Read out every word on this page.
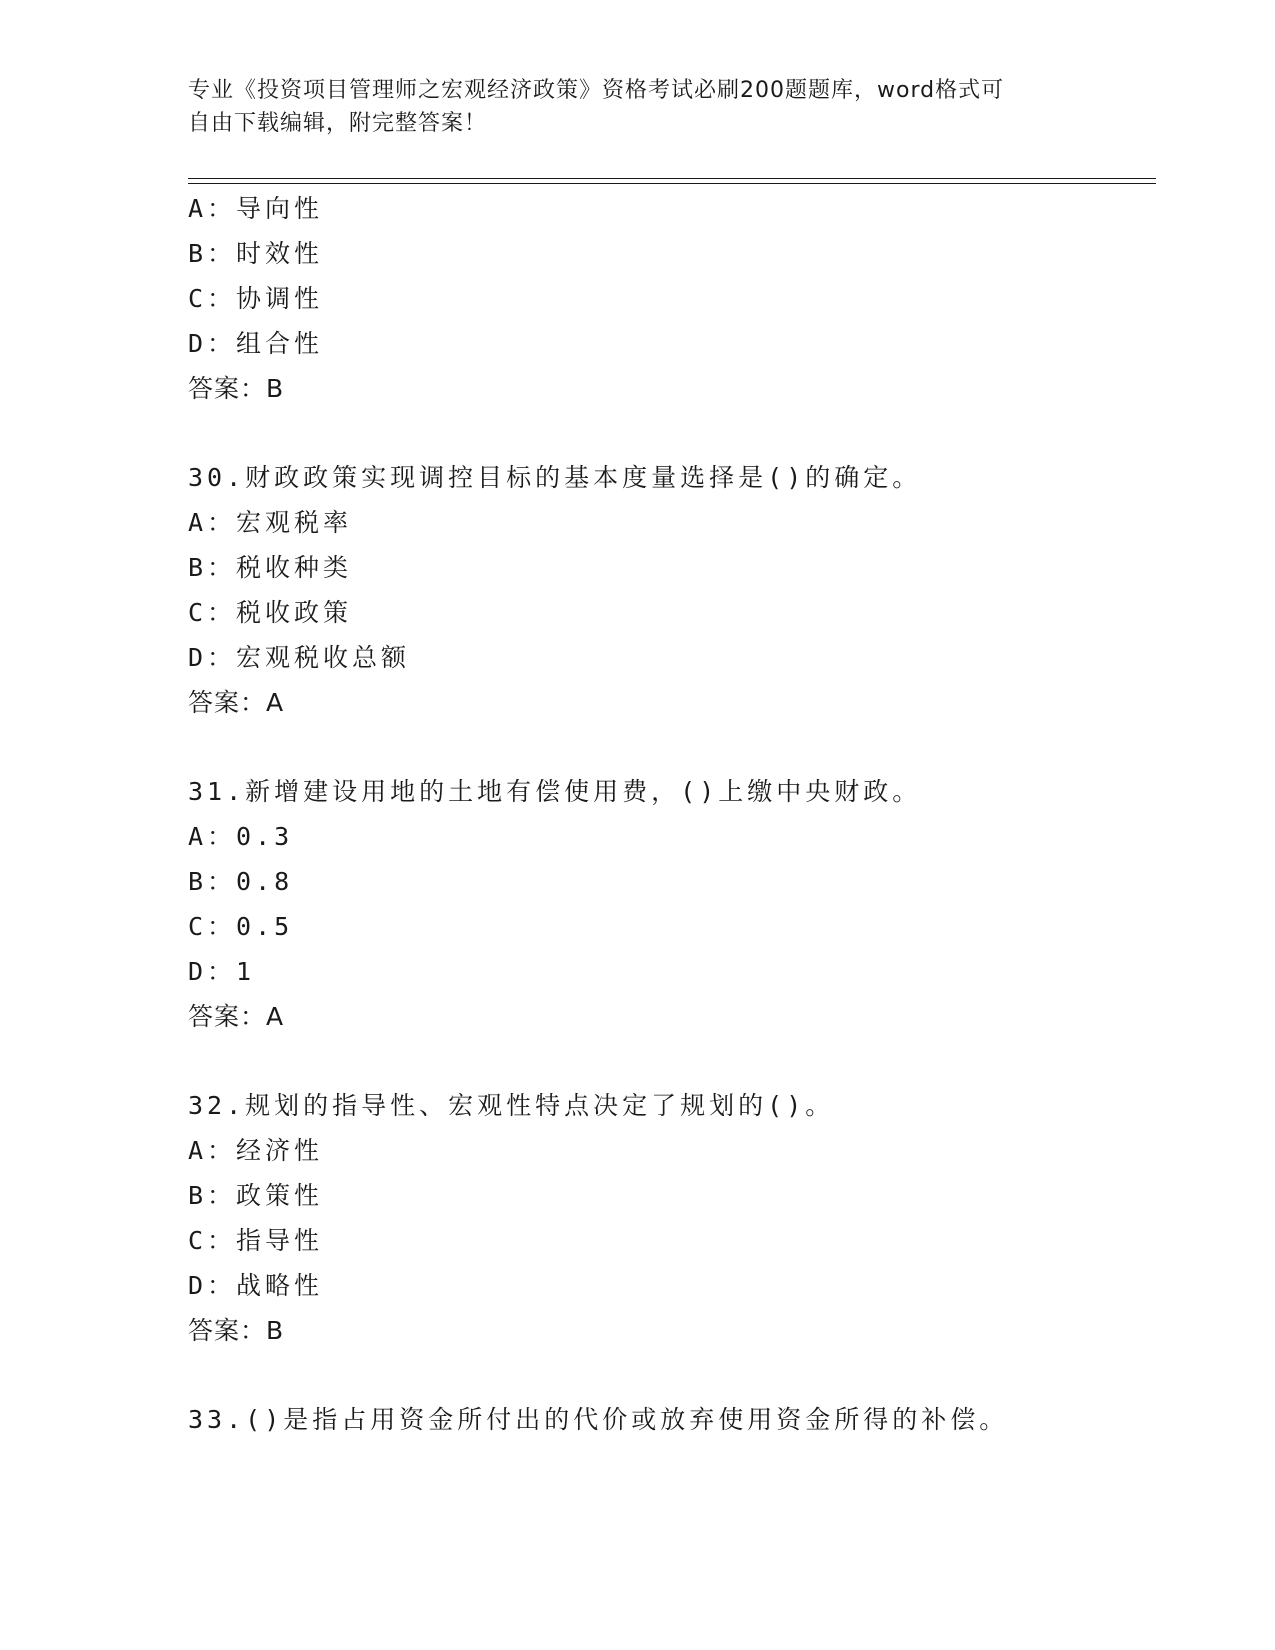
专业《投资项目管理师之宏观经济政策》资格考试必刷200题题库，word格式可
自由下载编辑，附完整答案！
A：导向性
B：时效性
C：协调性
D：组合性
答案：B
30.财政政策实现调控目标的基本度量选择是()的确定。
A：宏观税率
B：税收种类
C：税收政策
D：宏观税收总额
答案：A
31.新增建设用地的土地有偿使用费，()上缴中央财政。
A：0.3
B：0.8
C：0.5
D：1
答案：A
32.规划的指导性、宏观性特点决定了规划的()。
A：经济性
B：政策性
C：指导性
D：战略性
答案：B
33.()是指占用资金所付出的代价或放弃使用资金所得的补偿。
